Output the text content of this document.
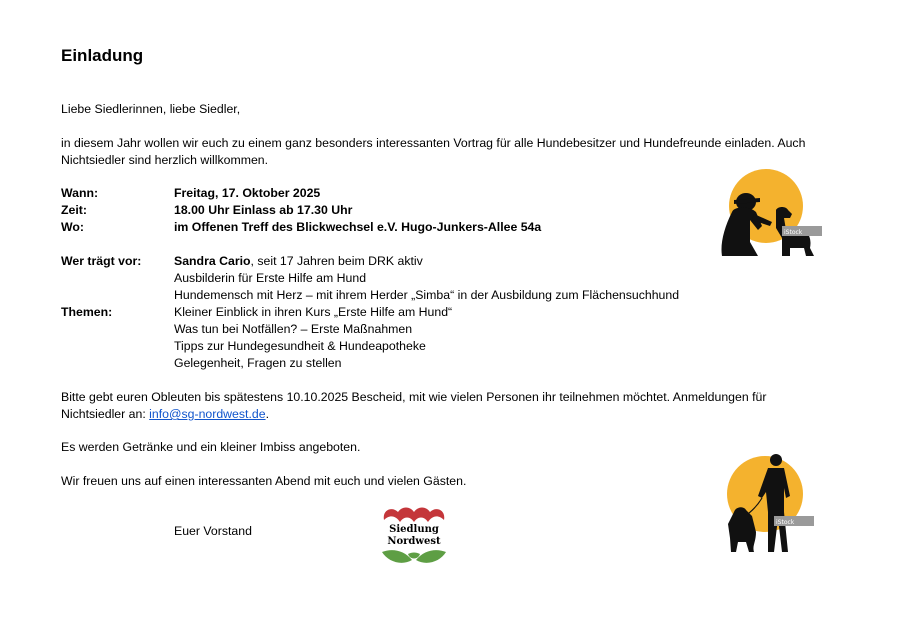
Einladung
Liebe Siedlerinnen, liebe Siedler,
in diesem Jahr wollen wir euch zu einem ganz besonders interessanten Vortrag für alle Hundebesitzer und Hundefreunde einladen. Auch
Nichtsiedler sind herzlich willkommen.
Wann:	Freitag, 17. Oktober 2025
Zeit:	18.00 Uhr Einlass ab 17.30 Uhr
Wo:	im Offenen Treff des Blickwechsel e.V. Hugo-Junkers-Allee 54a
Wer trägt vor:	Sandra Cario, seit 17 Jahren beim DRK aktiv
Ausbilderin für Erste Hilfe am Hund
Hundemensch mit Herz – mit ihrem Herder „Simba“ in der Ausbildung zum Flächensuchhund
Themen:	Kleiner Einblick in ihren Kurs „Erste Hilfe am Hund“
Was tun bei Notfällen? – Erste Maßnahmen
Tipps zur Hundegesundheit & Hundeapotheke
Gelegenheit, Fragen zu stellen
Bitte gebt euren Obleuten bis spätestens 10.10.2025 Bescheid, mit wie vielen Personen ihr teilnehmen möchtet. Anmeldungen für
Nichtsiedler an: info@sg-nordwest.de.
Es werden Getränke und ein kleiner Imbiss angeboten.
Wir freuen uns auf einen interessanten Abend mit euch und vielen Gästen.
Euer Vorstand	Siedlung
Nordwest
iStock
iStock
